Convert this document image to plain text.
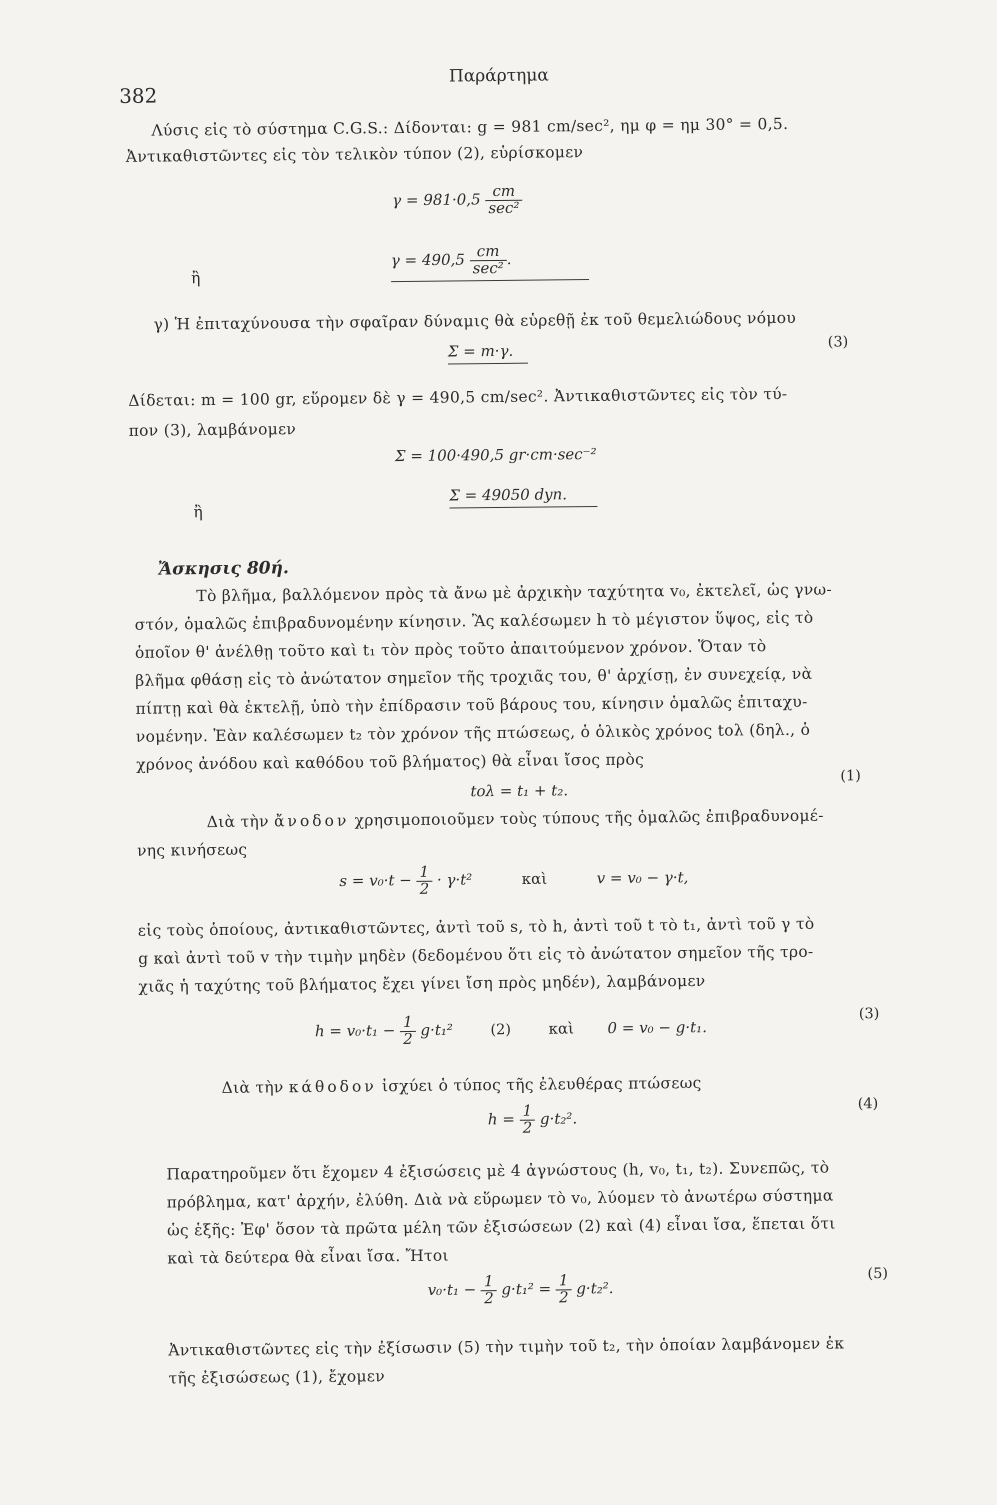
382
Παράρτημα
Λύσις εἰς τὸ σύστημα C.G.S.: Δίδονται: g = 981 cm/sec², ημ φ = ημ 30° = 0,5.
Ἀντικαθιστῶντες εἰς τὸν τελικὸν τύπον (2), εὑρίσκομεν
$\gamma = 981\cdot 0,5 \frac{cm}{\text{sec²}}$
ἢ
$\gamma = 490,5 \frac{cm}{\text{sec²}}$ .
γ) Ἡ ἐπιταχύνουσα τὴν σφαῖραν δύναμις θὰ εὑρεθῇ ἐκ τοῦ θεμελιώδους νόμου
Σ = m·γ.	(3)
Δίδεται: m = 100 gr, εὕρομεν δὲ γ = 490,5 cm/sec². Ἀντικαθιστῶντες εἰς τὸν τύ-
πον (3), λαμβάνομεν
Σ = 100·490,5 gr·cm·sec⁻²
ἢ
Σ = 49050 dyn.
Ἄσκησις 80ή.
Τὸ βλῆμα, βαλλόμενον πρὸς τὰ ἄνω μὲ ἀρχικὴν ταχύτητα v₀, ἐκτελεῖ, ὡς γνω-
στόν, ὁμαλῶς ἐπιβραδυνομένην κίνησιν. Ἂς καλέσωμεν h τὸ μέγιστον ὕψος, εἰς τὸ
ὁποῖον θ' ἀνέλθῃ τοῦτο καὶ t₁ τὸν πρὸς τοῦτο ἀπαιτούμενον χρόνον. Ὅταν τὸ
βλῆμα φθάσῃ εἰς τὸ ἀνώτατον σημεῖον τῆς τροχιᾶς του, θ' ἀρχίσῃ, ἐν συνεχείᾳ, νὰ
πίπτῃ καὶ θὰ ἐκτελῇ, ὑπὸ τὴν ἐπίδρασιν τοῦ βάρους του, κίνησιν ὁμαλῶς ἐπιταχυ-
νομένην. Ἐὰν καλέσωμεν t₂ τὸν χρόνον τῆς πτώσεως, ὁ ὁλικὸς χρόνος tολ (δηλ., ὁ
χρόνος ἀνόδου καὶ καθόδου τοῦ βλήματος) θὰ εἶναι ἴσος πρὸς
tολ = t₁ + t₂.
(1)
Διὰ τὴν ἄνοδον χρησιμοποιοῦμεν τοὺς τύπους τῆς ὁμαλῶς ἐπιβραδυνομέ-
νης κινήσεως
$s = v_0\cdot t - \frac{1}{2} \cdot \gamma\cdot t^2$	καὶ	v = v₀ − γ·t,
εἰς τοὺς ὁποίους, ἀντικαθιστῶντες, ἀντὶ τοῦ s, τὸ h, ἀντὶ τοῦ t τὸ t₁, ἀντὶ τοῦ γ τὸ
g καὶ ἀντὶ τοῦ v τὴν τιμὴν μηδὲν (δεδομένου ὅτι εἰς τὸ ἀνώτατον σημεῖον τῆς τρο-
χιᾶς ἡ ταχύτης τοῦ βλήματος ἔχει γίνει ἴση πρὸς μηδέν), λαμβάνομεν
$h = v_0\cdot t_1 - \frac{1}{2} g\cdot t_1^2$	(2) καὶ 0 = v₀ − g·t₁.
(3)
Διὰ τὴν κάθοδον ἰσχύει ὁ τύπος τῆς ἐλευθέρας πτώσεως
$h = \frac{1}{2} g\cdot t_2^2$.
(4)
Παρατηροῦμεν ὅτι ἔχομεν 4 ἐξισώσεις μὲ 4 ἀγνώστους (h, v₀, t₁, t₂). Συνεπῶς, τὸ
πρόβλημα, κατ' ἀρχήν, ἐλύθη. Διὰ νὰ εὕρωμεν τὸ v₀, λύομεν τὸ ἀνωτέρω σύστημα
ὡς ἑξῆς: Ἐφ' ὅσον τὰ πρῶτα μέλη τῶν ἐξισώσεων (2) καὶ (4) εἶναι ἴσα, ἕπεται ὅτι
καὶ τὰ δεύτερα θὰ εἶναι ἴσα. Ἤτοι
$v_0\cdot t_1 - \frac{1}{2} g\cdot t_1^2 = \frac{1}{2} g\cdot t_2^2$.
(5)
Ἀντικαθιστῶντες εἰς τὴν ἐξίσωσιν (5) τὴν τιμὴν τοῦ t₂, τὴν ὁποίαν λαμβάνομεν ἐκ
τῆς ἐξισώσεως (1), ἔχομεν
